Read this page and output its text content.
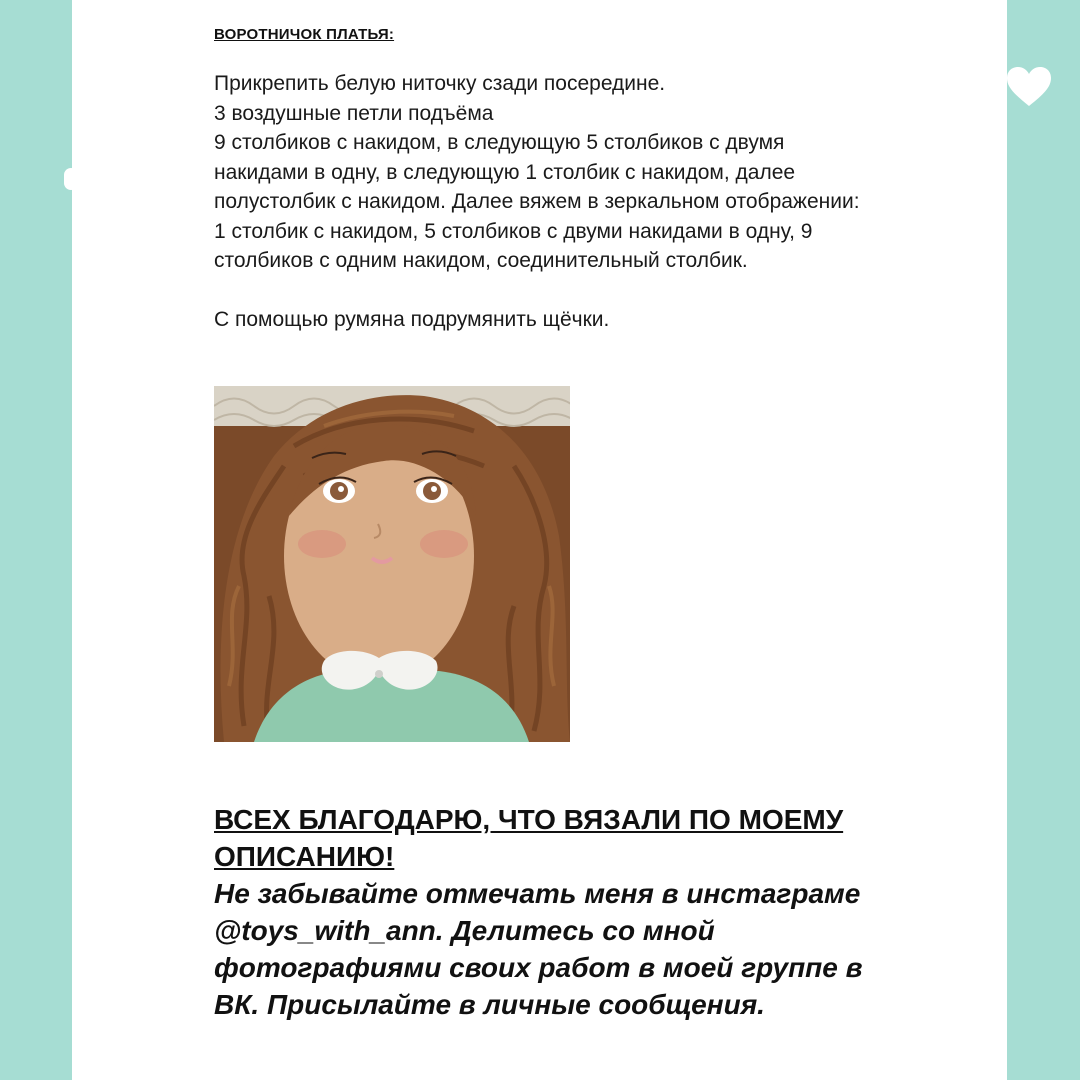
ВОРОТНИЧОК ПЛАТЬЯ:

Прикрепить белую ниточку сзади посередине.

3 воздушные петли подъёма

9 столбиков с накидом, в следующую 5 столбиков с двумя накидами в одну, в следующую 1 столбик с накидом, далее полустолбик с накидом. Далее вяжем в зеркальном отображении:

1 столбик с накидом, 5 столбиков с двуми накидами в одну, 9 столбиков с одним накидом, соединительный столбик.

С помощью румяна подрумянить щёчки.

ВСЕХ БЛАГОДАРЮ, ЧТО ВЯЗАЛИ ПО МОЕМУ ОПИСАНИЮ!
Не забывайте отмечать меня в инстаграме @toys_with_ann. Делитесь со мной фотографиями своих работ в моей группе в ВК. Присылайте в личные сообщения.
